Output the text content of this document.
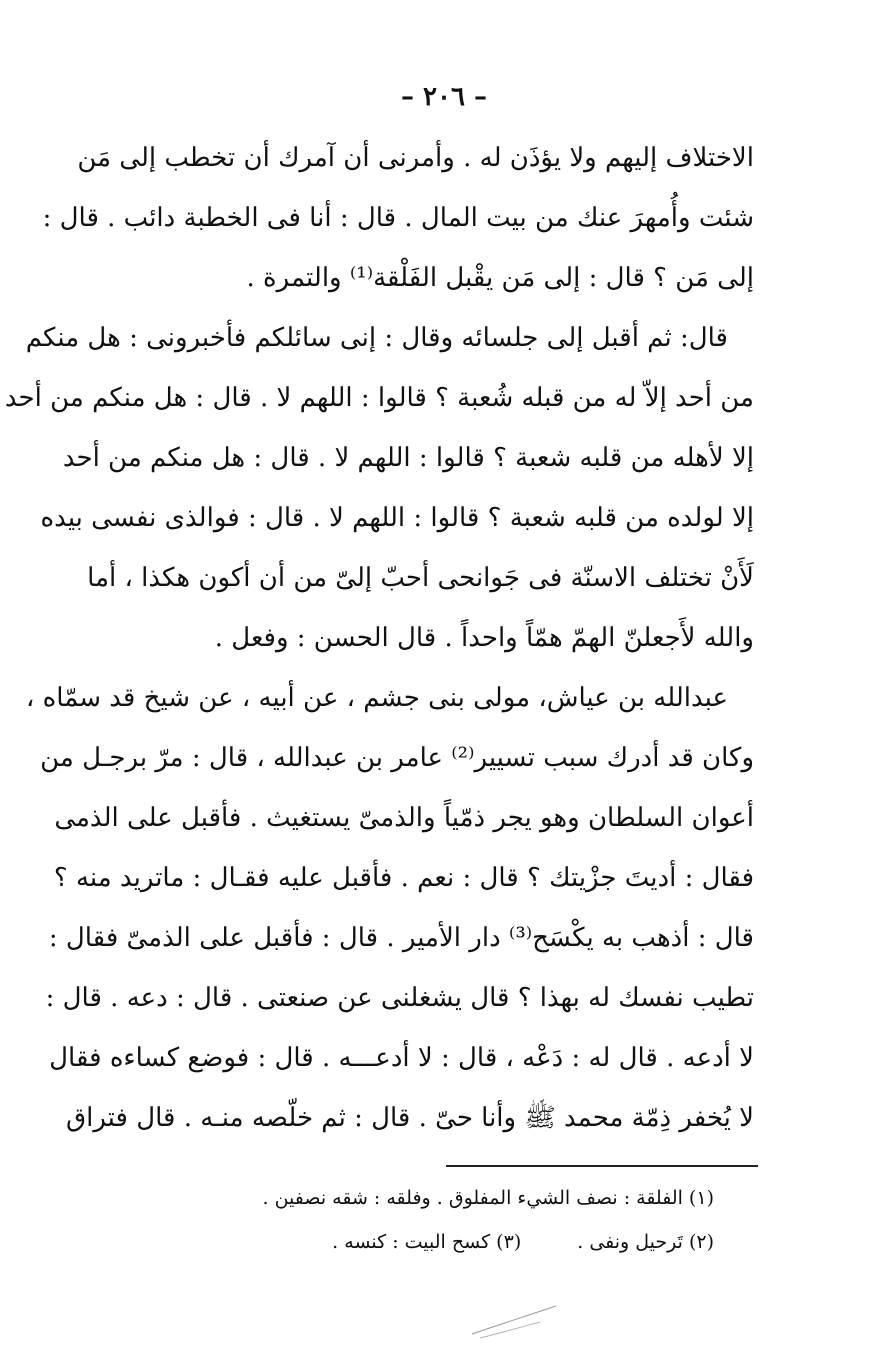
– ٢٠٦ –
الاختلاف إليهم ولا يؤذَن له . وأمرنى أن آمرك أن تخطب إلى مَن
شئت وأُمهرَ عنك من بيت المال . قال : أنا فى الخطبة دائب . قال :
إلى مَن ؟ قال : إلى مَن يقْبل الفَلْقة⁽¹⁾ والتمرة .
قال: ثم أقبل إلى جلسائه وقال : إنى سائلكم فأخبرونى : هل منكم
من أحد إلاّ له من قبله شُعبة ؟ قالوا : اللهم لا . قال : هل منكم من أحد
إلا لأهله من قلبه شعبة ؟ قالوا : اللهم لا . قال : هل منكم من أحد
إلا لولده من قلبه شعبة ؟ قالوا : اللهم لا . قال : فوالذى نفسى بيده
لَأَنْ تختلف الاسنّة فى جَوانحى أحبّ إلىّ من أن أكون هكذا ، أما
والله لأَجعلنّ الهمّ همّاً واحداً . قال الحسن : وفعل .
عبدالله بن عياش، مولى بنى جشم ، عن أبيه ، عن شيخ قد سمّاه ،
وكان قد أدرك سبب تسيير⁽²⁾ عامر بن عبدالله ، قال : مرّ برجـل من
أعوان السلطان وهو يجر ذمّياً والذمىّ يستغيث . فأقبل على الذمى
فقال : أديتَ جزْيتك ؟ قال : نعم . فأقبل عليه فقـال : ماتريد منه ؟
قال : أذهب به يكْسَح⁽³⁾ دار الأمير . قال : فأقبل على الذمىّ فقال :
تطيب نفسك له بهذا ؟ قال يشغلنى عن صنعتى . قال : دعه . قال :
لا أدعه . قال له : دَعْه ، قال : لا أدعـــه . قال : فوضع كساءه فقال
لا يُخفر ذِمّة محمد ﷺ وأنا حىّ . قال : ثم خلّصه منـه . قال فتراق
(١) الفلقة : نصف الشيء المفلوق . وفلقه : شقه نصفين .
(٢) تَرحيل ونفى .(٣) كسح البيت : كنسه .
